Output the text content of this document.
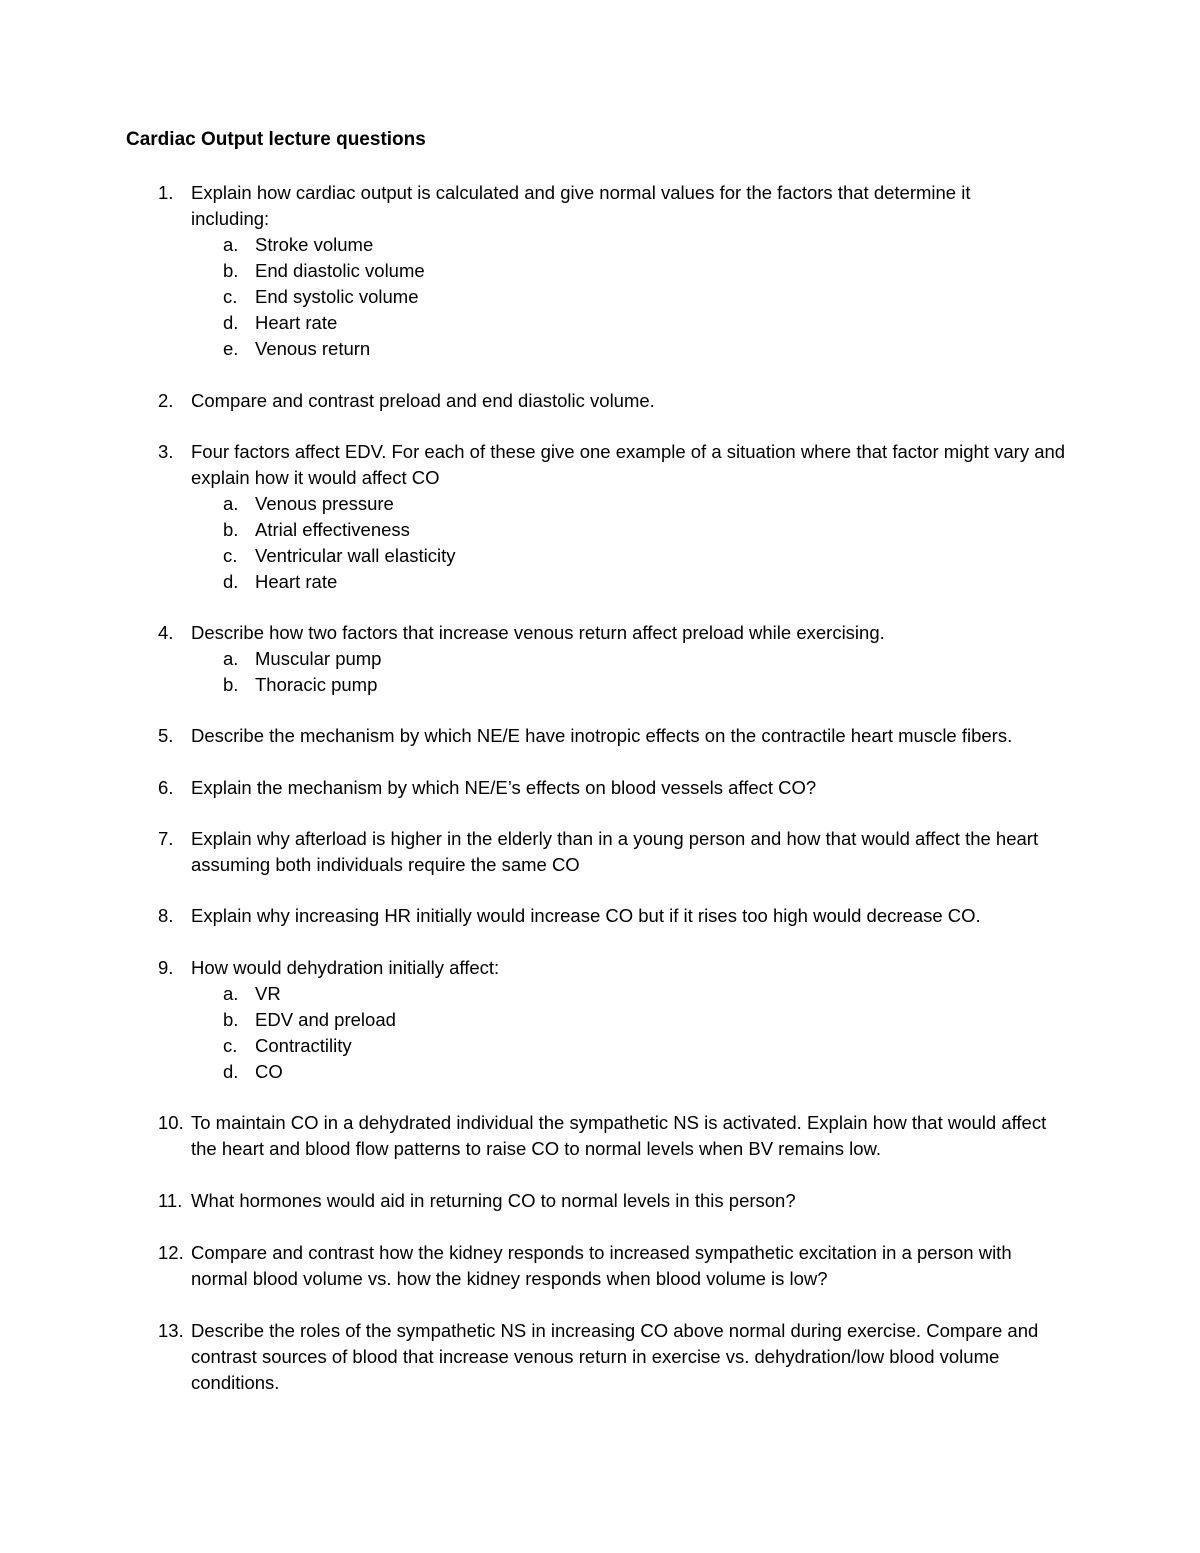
Cardiac Output lecture questions
1. Explain how cardiac output is calculated and give normal values for the factors that determine it including:
a. Stroke volume
b. End diastolic volume
c. End systolic volume
d. Heart rate
e. Venous return
2. Compare and contrast preload and end diastolic volume.
3. Four factors affect EDV. For each of these give one example of a situation where that factor might vary and explain how it would affect CO
a. Venous pressure
b. Atrial effectiveness
c. Ventricular wall elasticity
d. Heart rate
4. Describe how two factors that increase venous return affect preload while exercising.
a. Muscular pump
b. Thoracic pump
5. Describe the mechanism by which NE/E have inotropic effects on the contractile heart muscle fibers.
6. Explain the mechanism by which NE/E’s effects on blood vessels affect CO?
7. Explain why afterload is higher in the elderly than in a young person and how that would affect the heart assuming both individuals require the same CO
8. Explain why increasing HR initially would increase CO but if it rises too high would decrease CO.
9. How would dehydration initially affect:
a. VR
b. EDV and preload
c. Contractility
d. CO
10. To maintain CO in a dehydrated individual the sympathetic NS is activated. Explain how that would affect the heart and blood flow patterns to raise CO to normal levels when BV remains low.
11. What hormones would aid in returning CO to normal levels in this person?
12. Compare and contrast how the kidney responds to increased sympathetic excitation in a person with normal blood volume vs. how the kidney responds when blood volume is low?
13. Describe the roles of the sympathetic NS in increasing CO above normal during exercise. Compare and contrast sources of blood that increase venous return in exercise vs. dehydration/low blood volume conditions.
